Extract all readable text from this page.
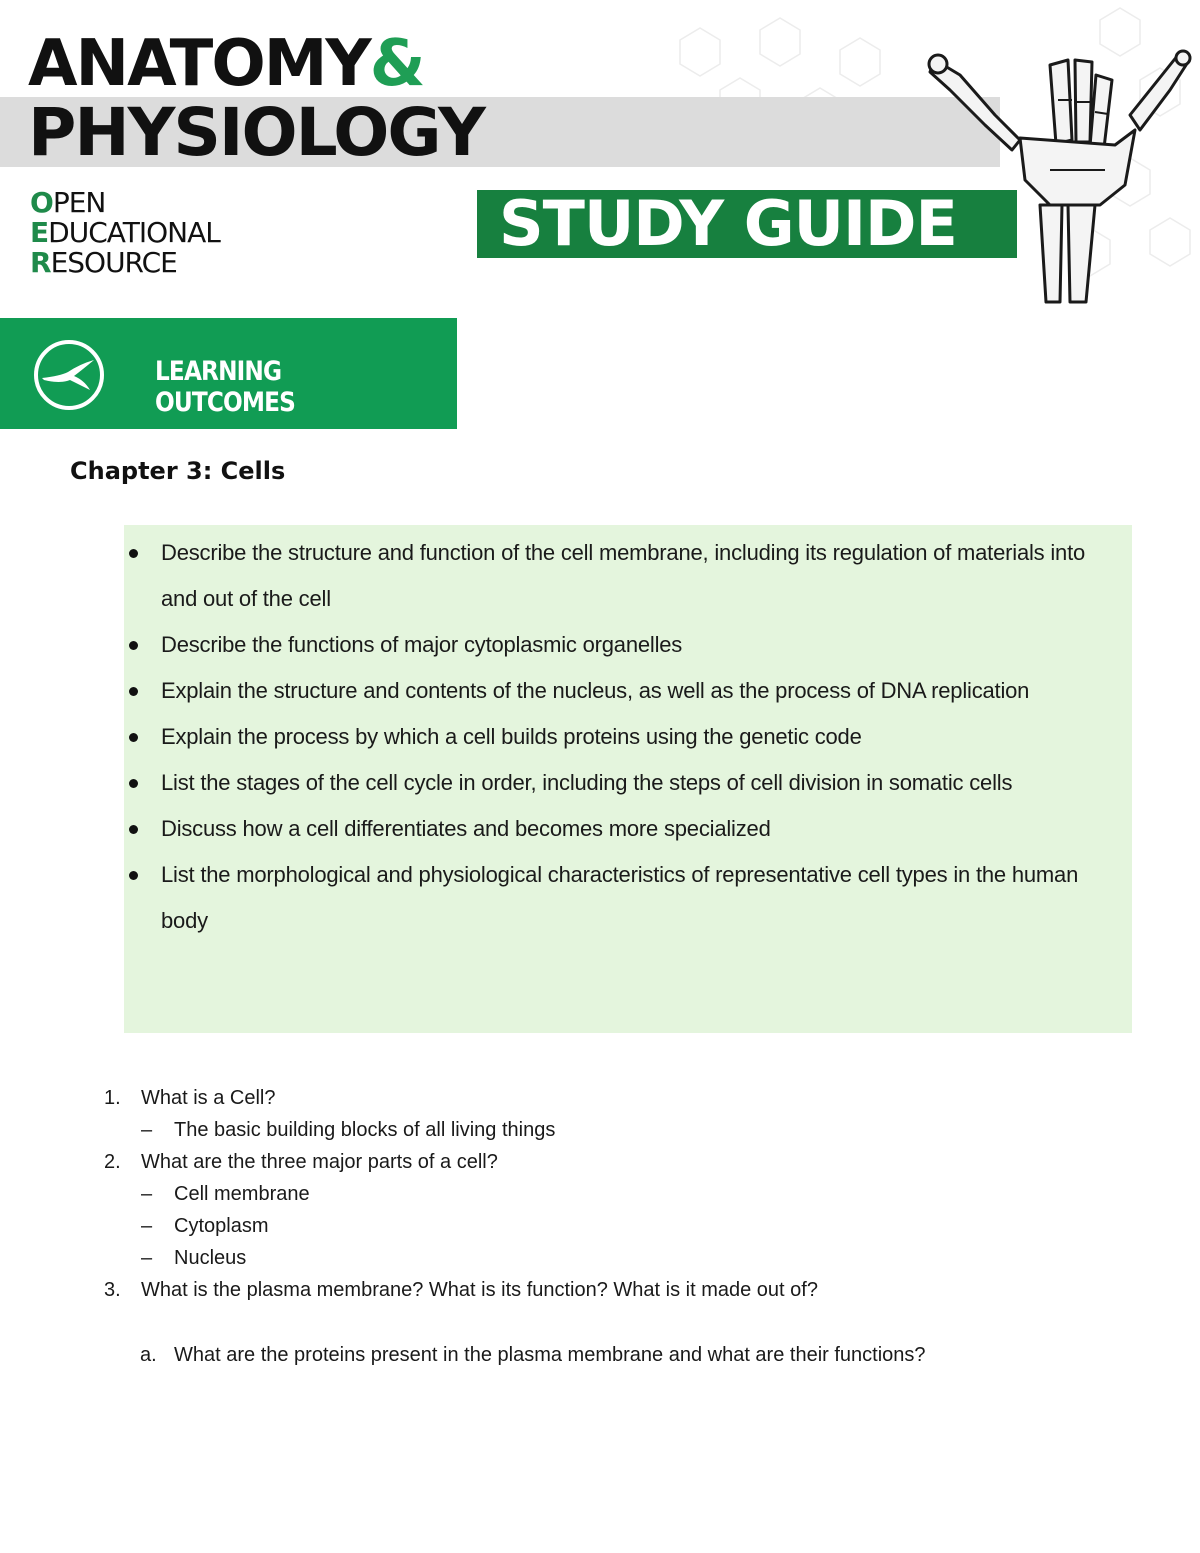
ANATOMY&
PHYSIOLOGY
OPEN
EDUCATIONAL
RESOURCE
STUDY GUIDE
LEARNING OUTCOMES
Chapter 3: Cells
Describe the structure and function of the cell membrane, including its regulation of materials into and out of the cell
Describe the functions of major cytoplasmic organelles
Explain the structure and contents of the nucleus, as well as the process of DNA replication
Explain the process by which a cell builds proteins using the genetic code
List the stages of the cell cycle in order, including the steps of cell division in somatic cells
Discuss how a cell differentiates and becomes more specialized
List the morphological and physiological characteristics of representative cell types in the human body
1. What is a Cell?
– The basic building blocks of all living things
2. What are the three major parts of a cell?
– Cell membrane
– Cytoplasm
– Nucleus
3. What is the plasma membrane? What is its function? What is it made out of?
a. What are the proteins present in the plasma membrane and what are their functions?
